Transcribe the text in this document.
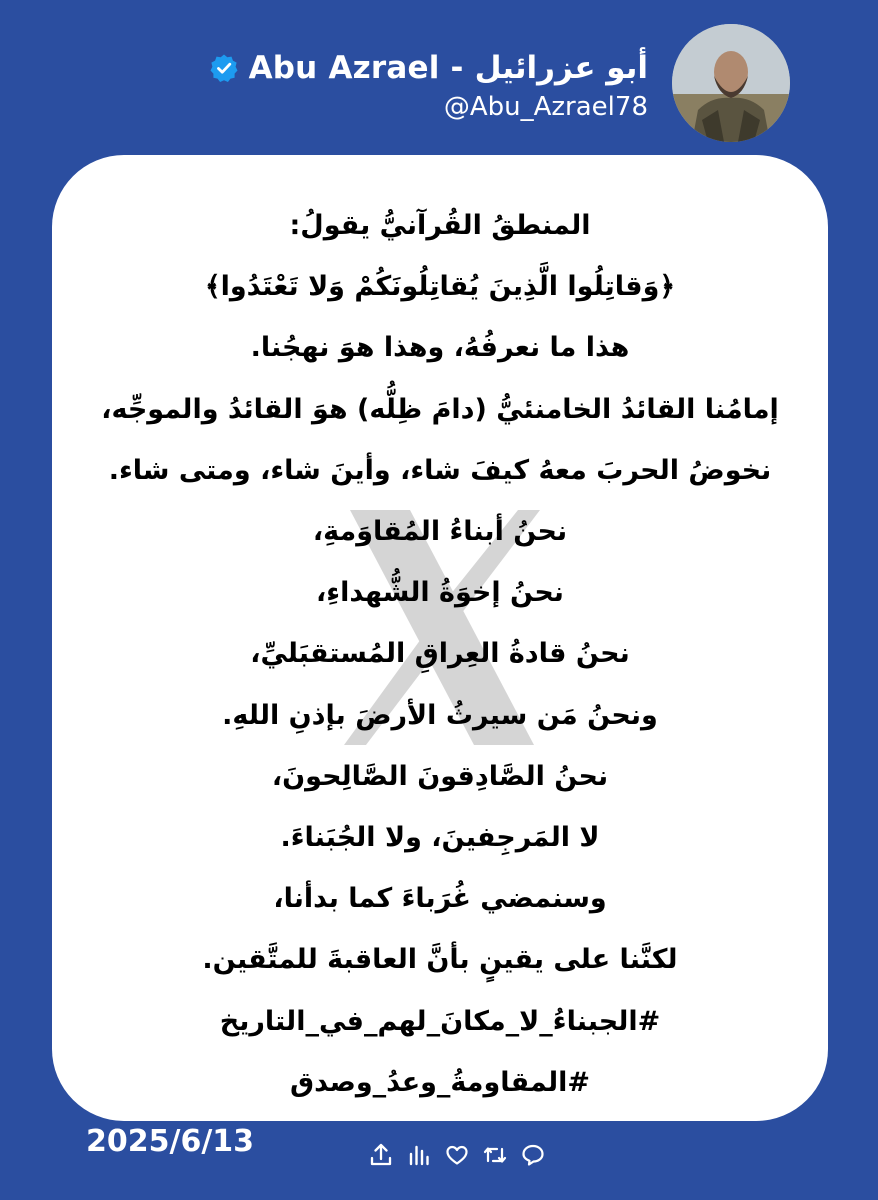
Abu Azrael - أبو عزرائيل
@Abu_Azrael78
المنطقُ القُرآنيُّ يقولُ:
﴿وَقاتِلُوا الَّذِينَ يُقاتِلُونَكُمْ وَلا تَعْتَدُوا﴾
هذا ما نعرفُهُ، وهذا هوَ نهجُنا.
إمامُنا القائدُ الخامنئيُّ (دامَ ظِلُّه) هوَ القائدُ والموجِّه،
نخوضُ الحربَ معهُ كيفَ شاء، وأينَ شاء، ومتى شاء.
نحنُ أبناءُ المُقاوَمةِ،
نحنُ إخوَةُ الشُّهداءِ،
نحنُ قادةُ العِراقِ المُستقبَليِّ،
ونحنُ مَن سيرثُ الأرضَ بإذنِ اللهِ.
نحنُ الصَّادِقونَ الصَّالِحونَ،
لا المَرجِفينَ، ولا الجُبَناءَ.
وسنمضي غُرَباءَ كما بدأنا،
لكنَّنا على يقينٍ بأنَّ العاقبةَ للمتَّقين.
#الجبناءُ_لا_مكانَ_لهم_في_التاريخ
#المقاومةُ_وعدُ_وصدق
2025/6/13
